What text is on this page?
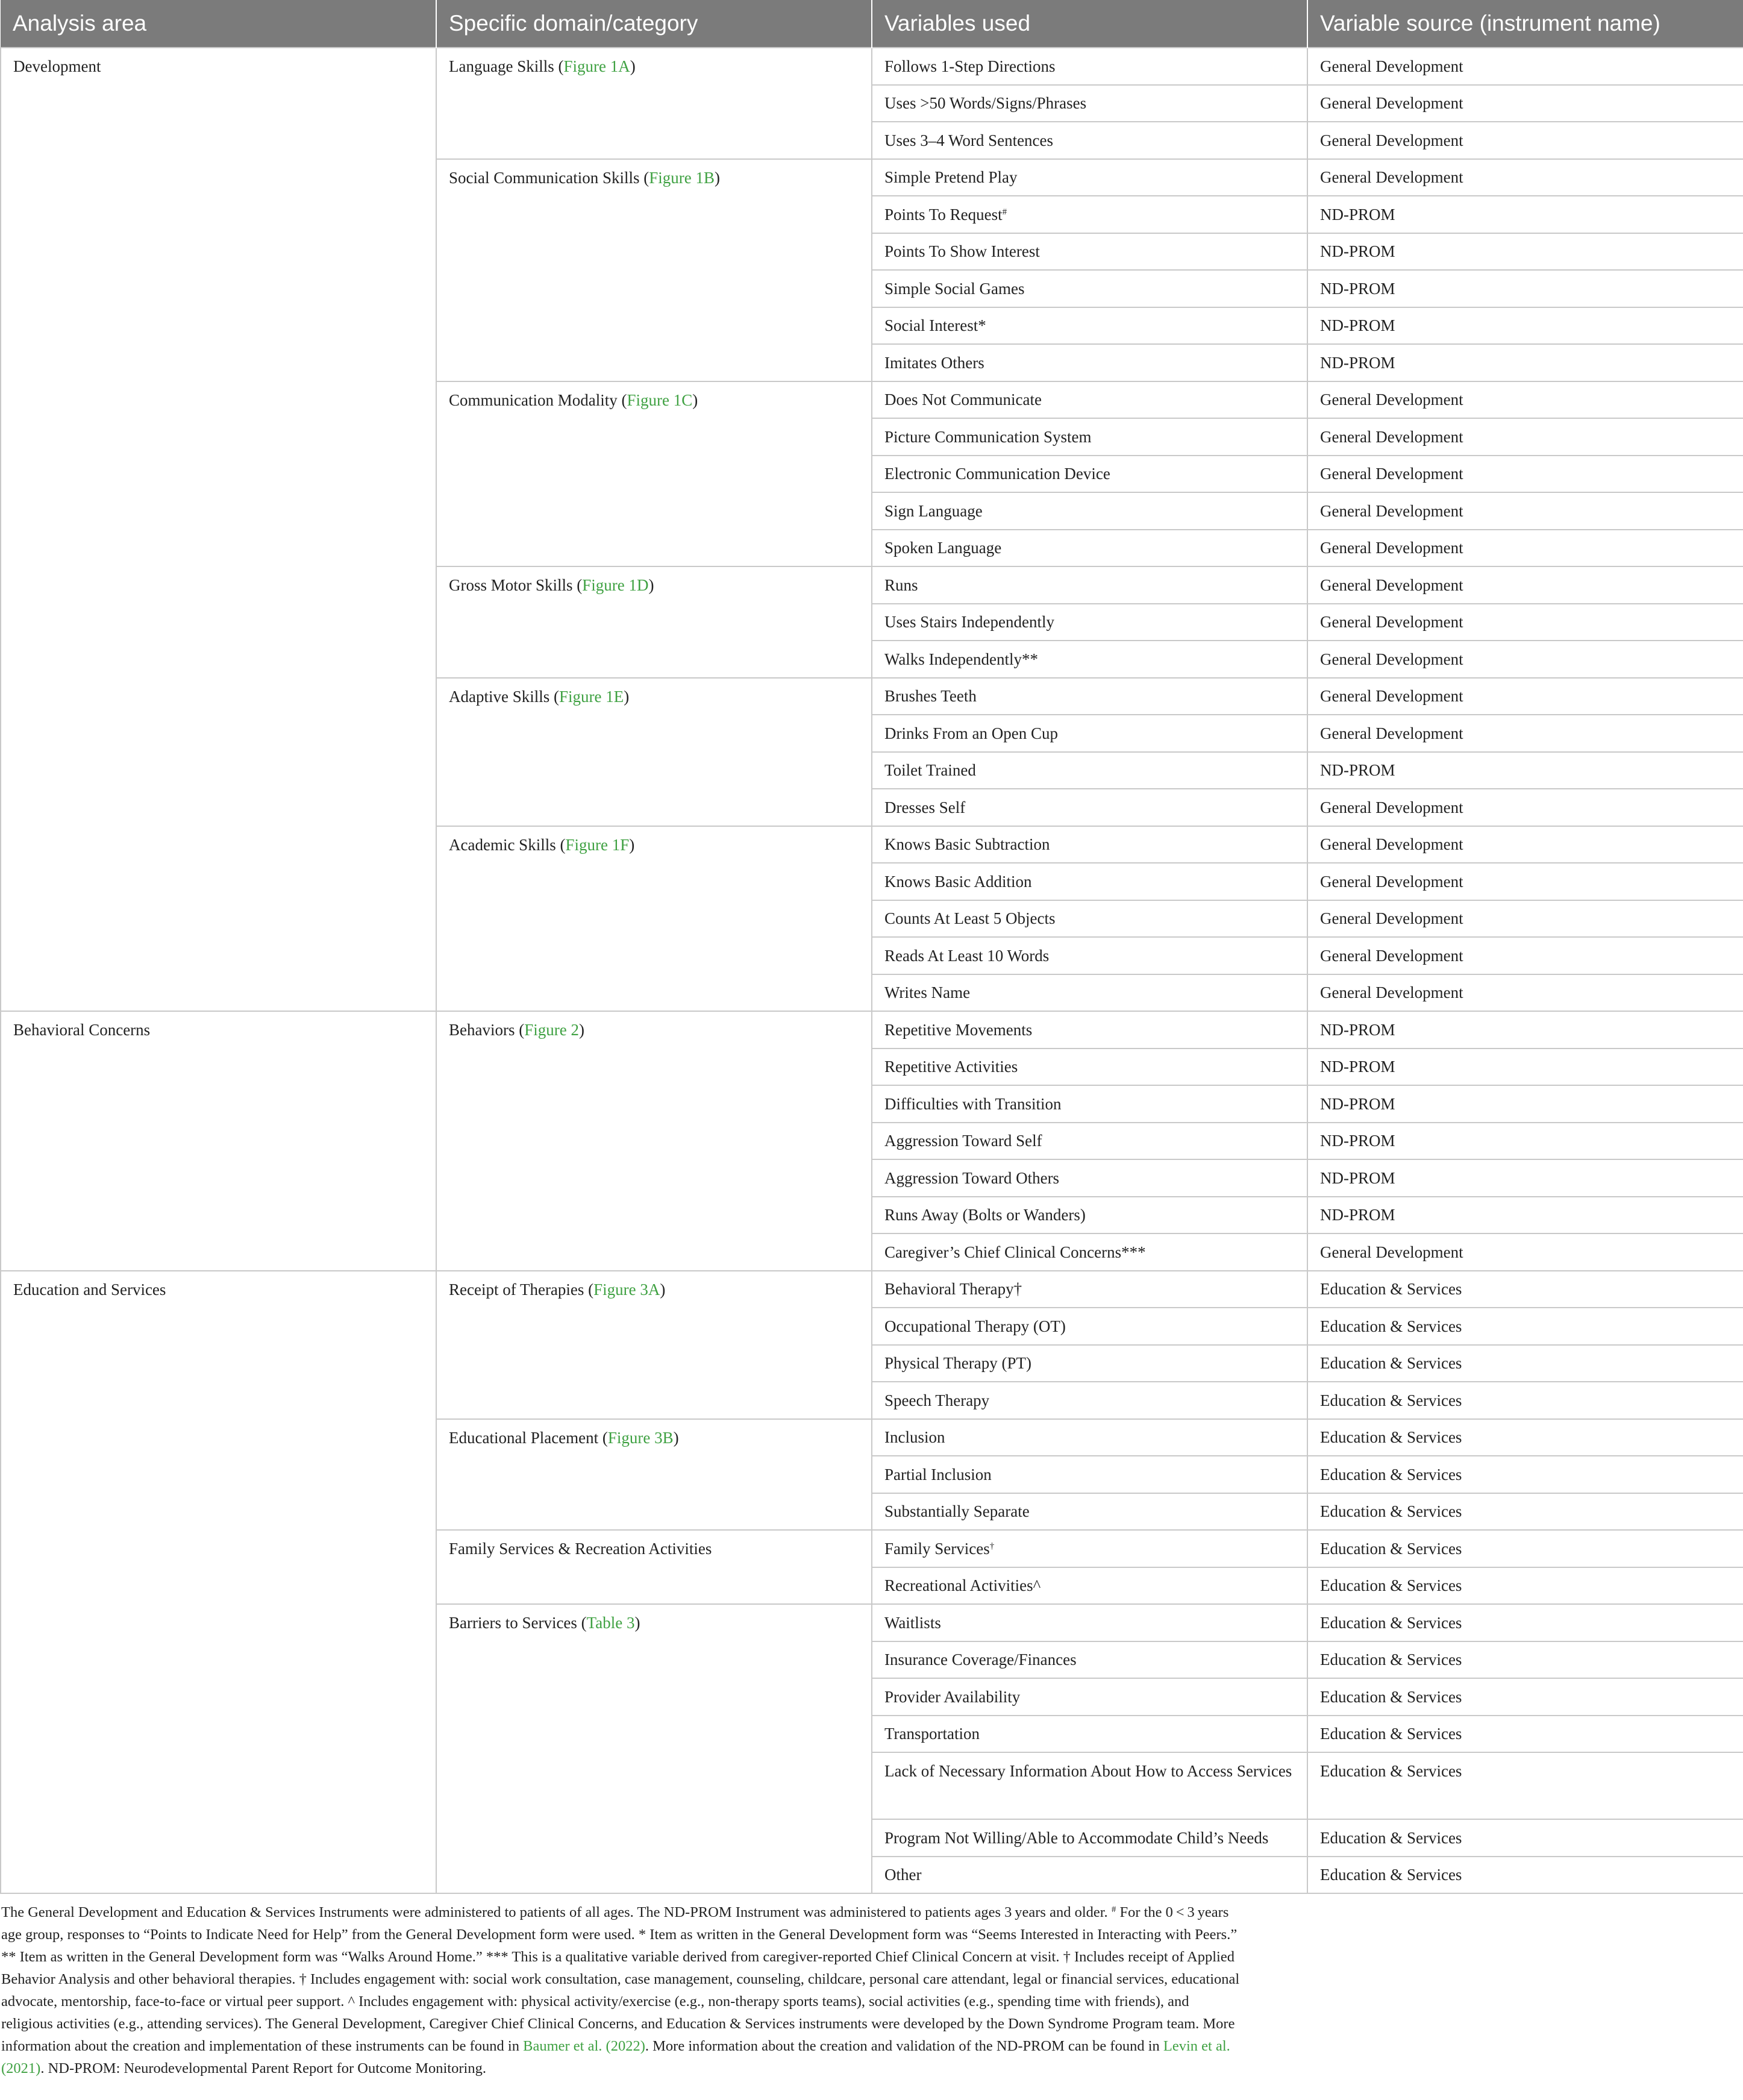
Analysis area	Specific domain/category	Variables used	Variable source (instrument name)
Development	Language Skills (Figure 1A)	Follows 1-Step Directions	General Development
		Uses >50 Words/Signs/Phrases	General Development
		Uses 3–4 Word Sentences	General Development
	Social Communication Skills (Figure 1B)	Simple Pretend Play	General Development
		Points To Request#	ND-PROM
		Points To Show Interest	ND-PROM
		Simple Social Games	ND-PROM
		Social Interest*	ND-PROM
		Imitates Others	ND-PROM
	Communication Modality (Figure 1C)	Does Not Communicate	General Development
		Picture Communication System	General Development
		Electronic Communication Device	General Development
		Sign Language	General Development
		Spoken Language	General Development
	Gross Motor Skills (Figure 1D)	Runs	General Development
		Uses Stairs Independently	General Development
		Walks Independently**	General Development
	Adaptive Skills (Figure 1E)	Brushes Teeth	General Development
		Drinks From an Open Cup	General Development
		Toilet Trained	ND-PROM
		Dresses Self	General Development
	Academic Skills (Figure 1F)	Knows Basic Subtraction	General Development
		Knows Basic Addition	General Development
		Counts At Least 5 Objects	General Development
		Reads At Least 10 Words	General Development
		Writes Name	General Development
Behavioral Concerns	Behaviors (Figure 2)	Repetitive Movements	ND-PROM
		Repetitive Activities	ND-PROM
		Difficulties with Transition	ND-PROM
		Aggression Toward Self	ND-PROM
		Aggression Toward Others	ND-PROM
		Runs Away (Bolts or Wanders)	ND-PROM
		Caregiver’s Chief Clinical Concerns***	General Development
Education and Services	Receipt of Therapies (Figure 3A)	Behavioral Therapy†	Education & Services
		Occupational Therapy (OT)	Education & Services
		Physical Therapy (PT)	Education & Services
		Speech Therapy	Education & Services
	Educational Placement (Figure 3B)	Inclusion	Education & Services
		Partial Inclusion	Education & Services
		Substantially Separate	Education & Services
	Family Services & Recreation Activities	Family Services†	Education & Services
		Recreational Activities^	Education & Services
	Barriers to Services (Table 3)	Waitlists	Education & Services
		Insurance Coverage/Finances	Education & Services
		Provider Availability	Education & Services
		Transportation	Education & Services
		Lack of Necessary Information About How to Access Services	Education & Services
		Program Not Willing/Able to Accommodate Child’s Needs	Education & Services
		Other	Education & Services
The General Development and Education & Services Instruments were administered to patients of all ages. The ND-PROM Instrument was administered to patients ages 3 years and older. # For the 0 < 3 years age group, responses to “Points to Indicate Need for Help” from the General Development form were used. * Item as written in the General Development form was “Seems Interested in Interacting with Peers.” ** Item as written in the General Development form was “Walks Around Home.” *** This is a qualitative variable derived from caregiver-reported Chief Clinical Concern at visit. † Includes receipt of Applied Behavior Analysis and other behavioral therapies. † Includes engagement with: social work consultation, case management, counseling, childcare, personal care attendant, legal or financial services, educational advocate, mentorship, face-to-face or virtual peer support. ^ Includes engagement with: physical activity/exercise (e.g., non-therapy sports teams), social activities (e.g., spending time with friends), and religious activities (e.g., attending services). The General Development, Caregiver Chief Clinical Concerns, and Education & Services instruments were developed by the Down Syndrome Program team. More information about the creation and implementation of these instruments can be found in Baumer et al. (2022). More information about the creation and validation of the ND-PROM can be found in Levin et al. (2021). ND-PROM: Neurodevelopmental Parent Report for Outcome Monitoring.
